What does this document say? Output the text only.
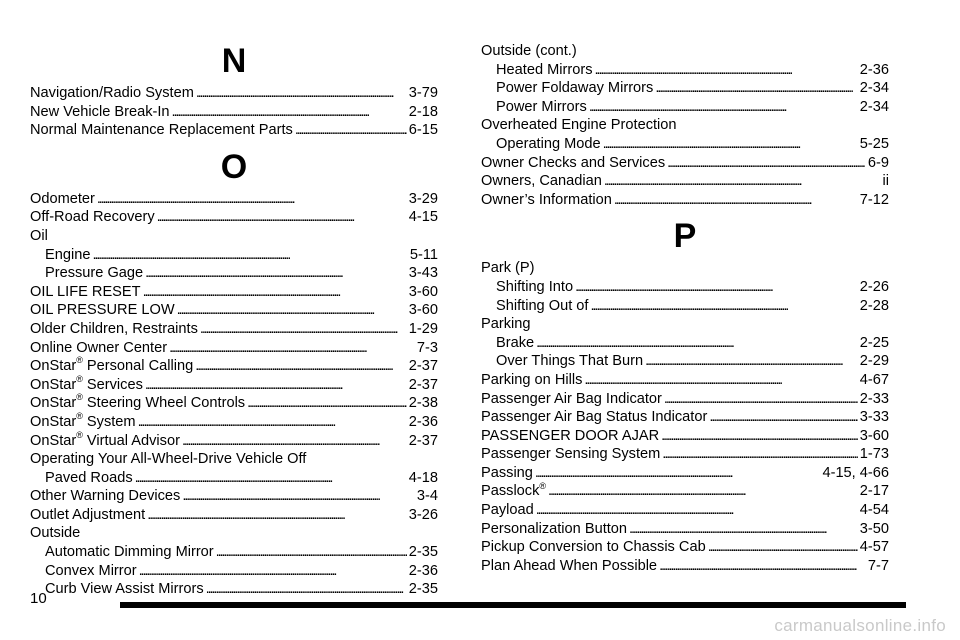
N
Navigation/Radio System . . .	3-79
New Vehicle Break-In . . .	2-18
Normal Maintenance Replacement Parts . . .	6-15
O
Odometer . . .	3-29
Off-Road Recovery . . .	4-15
Oil
Engine . . .	5-11
Pressure Gage . . .	3-43
OIL LIFE RESET . . .	3-60
OIL PRESSURE LOW . . .	3-60
Older Children, Restraints . . .	1-29
Online Owner Center . . .	7-3
OnStar® Personal Calling . . .	2-37
OnStar® Services . . .	2-37
OnStar® Steering Wheel Controls . . .	2-38
OnStar® System . . .	2-36
OnStar® Virtual Advisor . . .	2-37
Operating Your All-Wheel-Drive Vehicle Off
Paved Roads . . .	4-18
Other Warning Devices . . .	3-4
Outlet Adjustment . . .	3-26
Outside
Automatic Dimming Mirror . . .	2-35
Convex Mirror . . .	2-36
Curb View Assist Mirrors . . .	2-35
Outside (cont.)
Heated Mirrors . . .	2-36
Power Foldaway Mirrors . . .	2-34
Power Mirrors . . .	2-34
Overheated Engine Protection
Operating Mode . . .	5-25
Owner Checks and Services . . .	6-9
Owners, Canadian . . .	ii
Owner’s Information . . .	7-12
P
Park (P)
Shifting Into . . .	2-26
Shifting Out of . . .	2-28
Parking
Brake . . .	2-25
Over Things That Burn . . .	2-29
Parking on Hills . . .	4-67
Passenger Air Bag Indicator . . .	2-33
Passenger Air Bag Status Indicator . . .	3-33
PASSENGER DOOR AJAR . . .	3-60
Passenger Sensing System . . .	1-73
Passing . . .	4-15, 4-66
Passlock® . . .	2-17
Payload . . .	4-54
Personalization Button . . .	3-50
Pickup Conversion to Chassis Cab . . .	4-57
Plan Ahead When Possible . . .	7-7
10
carmanualsonline.info
